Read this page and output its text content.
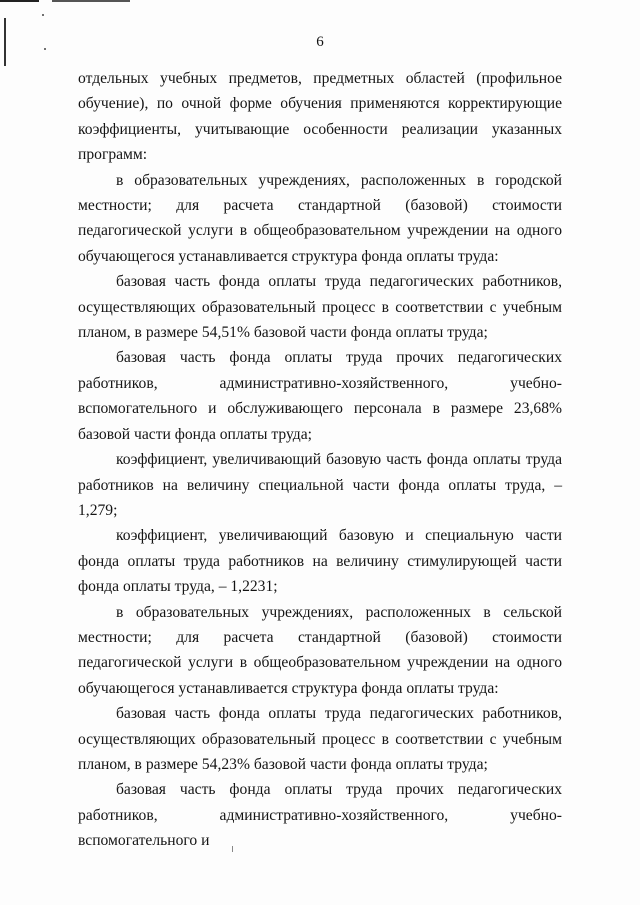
6

отдельных учебных предметов, предметных областей (профильное обучение), по очной форме обучения применяются корректирующие коэффициенты, учитывающие особенности реализации указанных программ:

в образовательных учреждениях, расположенных в городской местности; для расчета стандартной (базовой) стоимости педагогической услуги в общеобразовательном учреждении на одного обучающегося устанавливается структура фонда оплаты труда:

базовая часть фонда оплаты труда педагогических работников, осуществляющих образовательный процесс в соответствии с учебным планом, в размере 54,51% базовой части фонда оплаты труда;

базовая часть фонда оплаты труда прочих педагогических работников, административно-хозяйственного, учебно-вспомогательного и обслуживающего персонала в размере 23,68% базовой части фонда оплаты труда;

коэффициент, увеличивающий базовую часть фонда оплаты труда работников на величину специальной части фонда оплаты труда, – 1,279;

коэффициент, увеличивающий базовую и специальную части фонда оплаты труда работников на величину стимулирующей части фонда оплаты труда, – 1,2231;

в образовательных учреждениях, расположенных в сельской местности; для расчета стандартной (базовой) стоимости педагогической услуги в общеобразовательном учреждении на одного обучающегося устанавливается структура фонда оплаты труда:

базовая часть фонда оплаты труда педагогических работников, осуществляющих образовательный процесс в соответствии с учебным планом, в размере 54,23% базовой части фонда оплаты труда;

базовая часть фонда оплаты труда прочих педагогических работников, административно-хозяйственного, учебно-вспомогательного и
